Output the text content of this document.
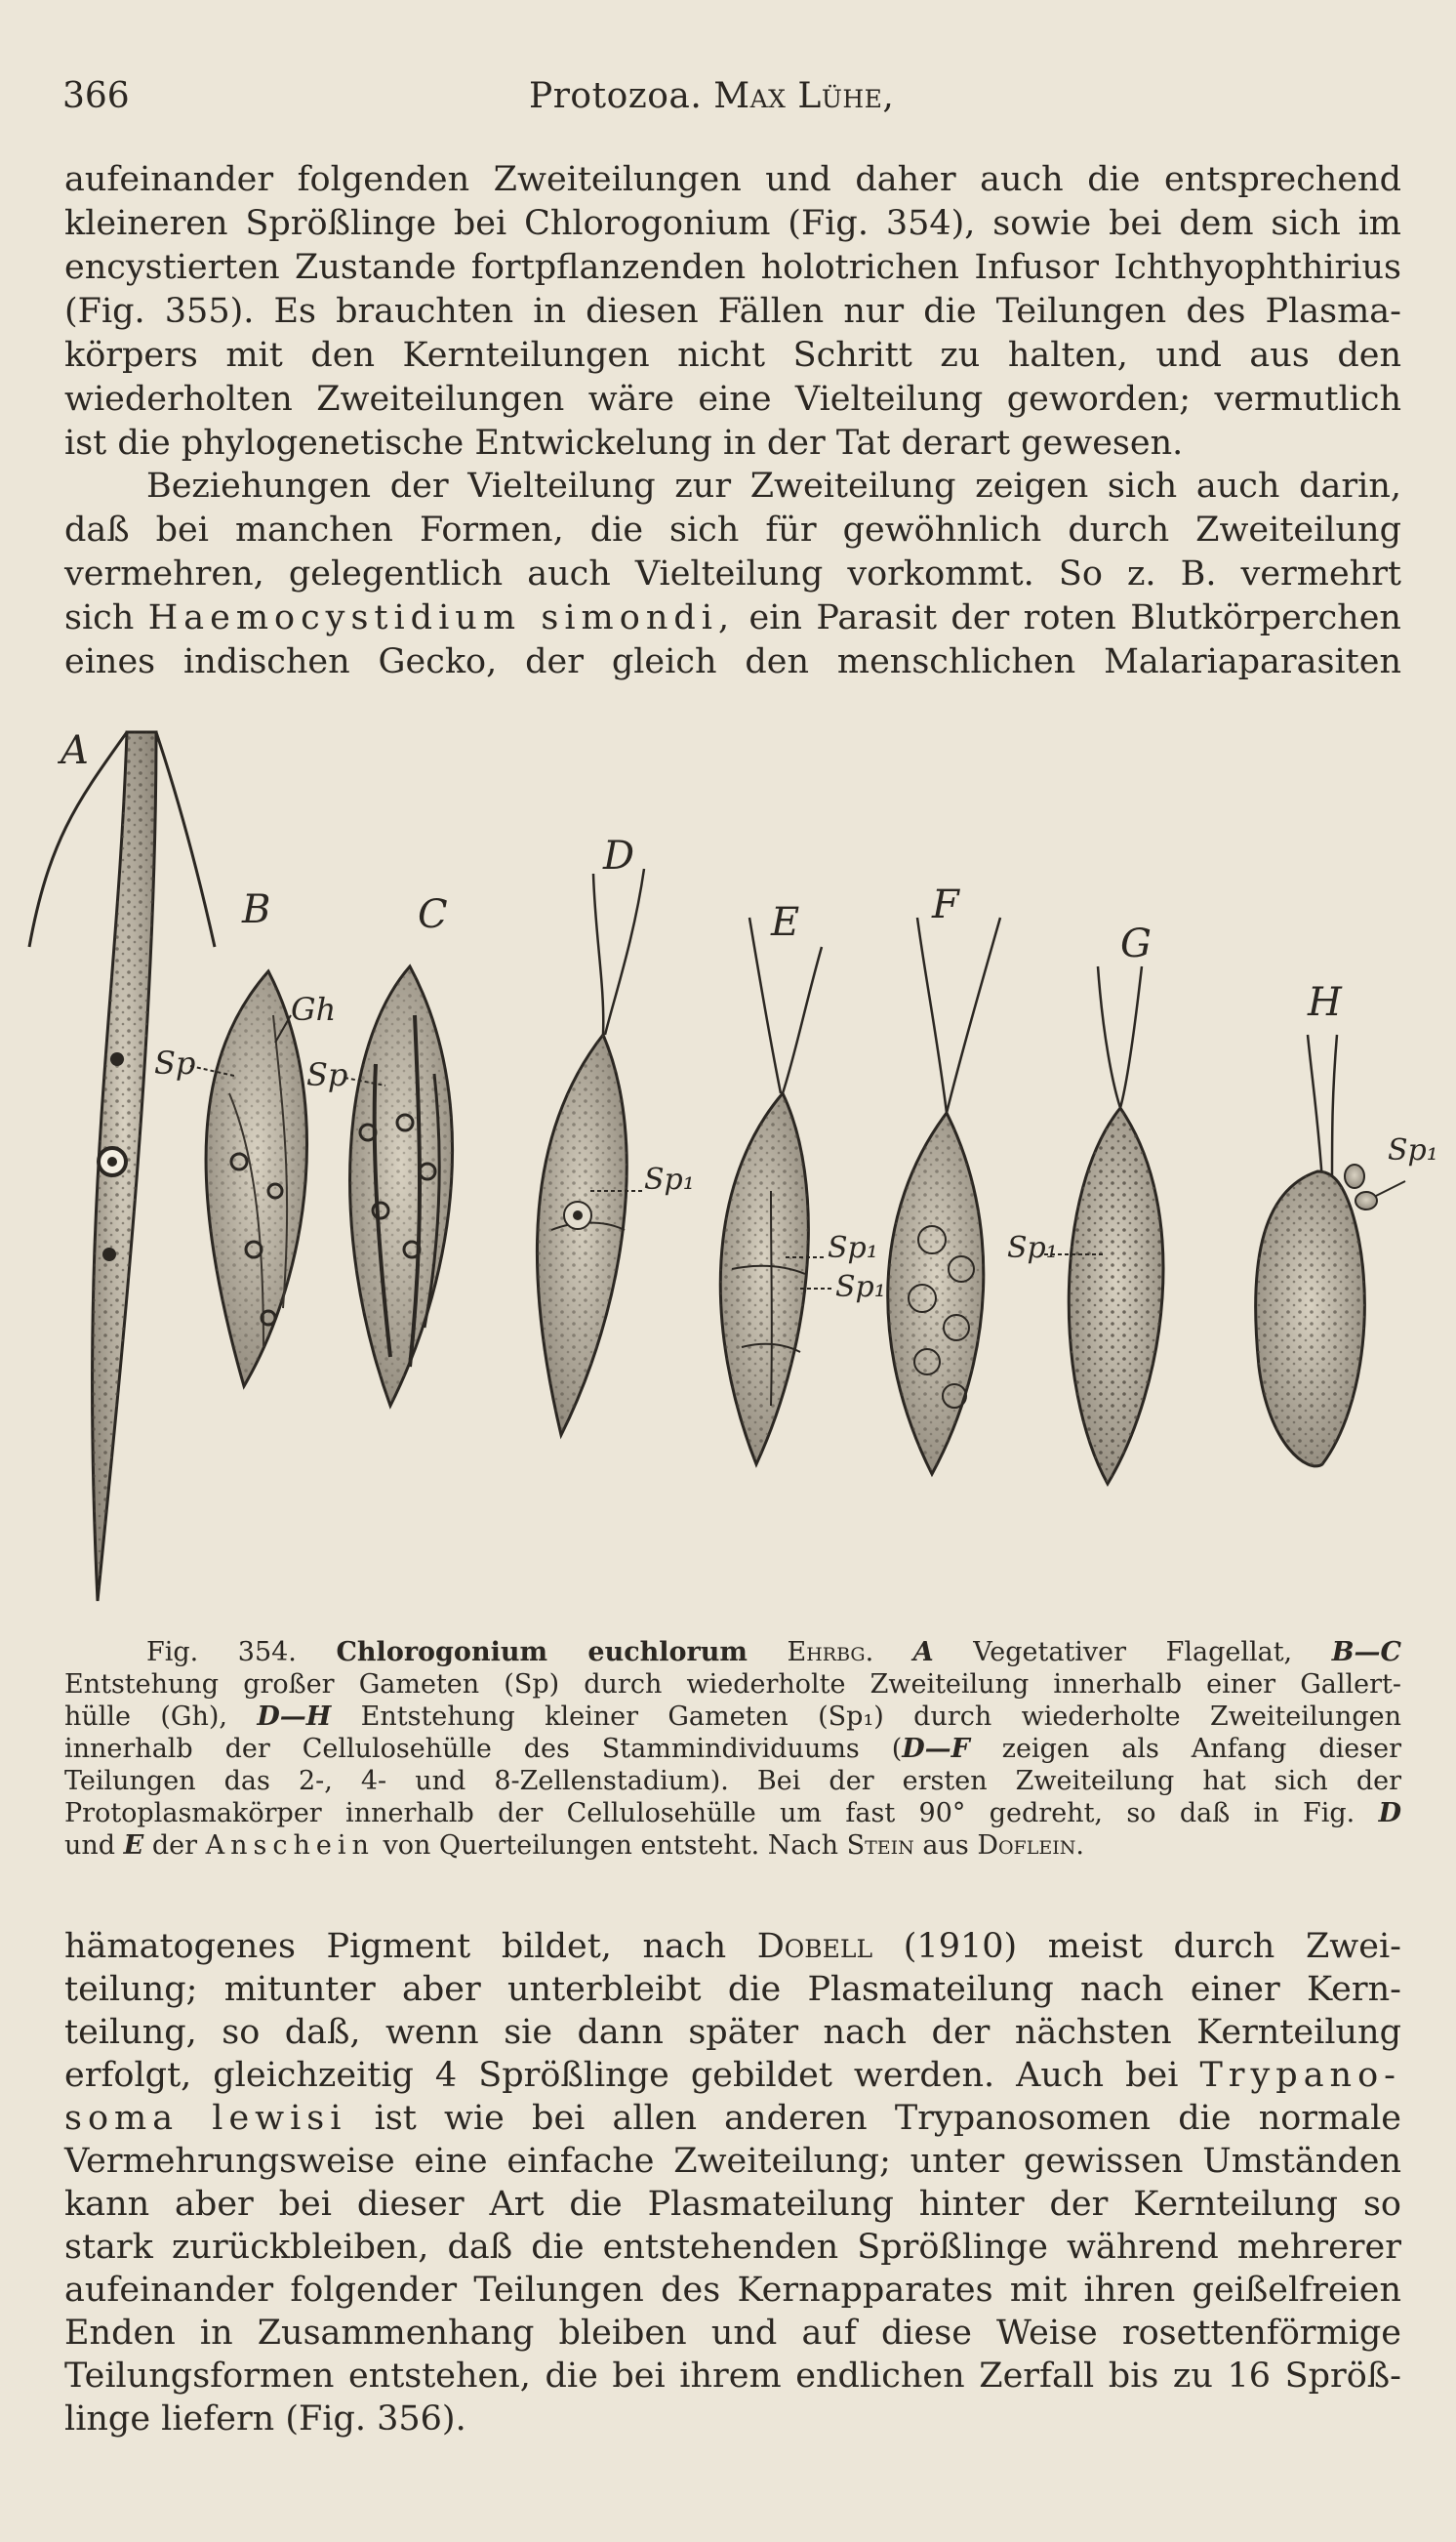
366	Protozoa. Max Lühe,
aufeinander folgenden Zweiteilungen und daher auch die entsprechend
kleineren Sprößlinge bei Chlorogonium (Fig. 354), sowie bei dem sich im
encystierten Zustande fortpflanzenden holotrichen Infusor Ichthyophthirius
(Fig. 355). Es brauchten in diesen Fällen nur die Teilungen des Plasma-
körpers mit den Kernteilungen nicht Schritt zu halten, und aus den
wiederholten Zweiteilungen wäre eine Vielteilung geworden; vermutlich
ist die phylogenetische Entwickelung in der Tat derart gewesen.
Beziehungen der Vielteilung zur Zweiteilung zeigen sich auch darin,
daß bei manchen Formen, die sich für gewöhnlich durch Zweiteilung
vermehren, gelegentlich auch Vielteilung vorkommt. So z. B. vermehrt
sich Haemocystidium simondi, ein Parasit der roten Blutkörperchen
eines indischen Gecko, der gleich den menschlichen Malariaparasiten
A
B
Gh
Sp
C
Sp
D
Sp₁
E
Sp₁
Sp₁
F
G
Sp₁
H
Sp₁
Fig. 354. Chlorogonium euchlorum Ehrbg. A Vegetativer Flagellat, B—C
Entstehung großer Gameten (Sp) durch wiederholte Zweiteilung innerhalb einer Gallert-
hülle (Gh), D—H Entstehung kleiner Gameten (Sp₁) durch wiederholte Zweiteilungen
innerhalb der Cellulosehülle des Stammindividuums (D—F zeigen als Anfang dieser
Teilungen das 2-, 4- und 8-Zellenstadium). Bei der ersten Zweiteilung hat sich der
Protoplasmakörper innerhalb der Cellulosehülle um fast 90° gedreht, so daß in Fig. D
und E der Anschein von Querteilungen entsteht. Nach Stein aus Doflein.
hämatogenes Pigment bildet, nach Dobell (1910) meist durch Zwei-
teilung; mitunter aber unterbleibt die Plasmateilung nach einer Kern-
teilung, so daß, wenn sie dann später nach der nächsten Kernteilung
erfolgt, gleichzeitig 4 Sprößlinge gebildet werden. Auch bei Trypano-
soma lewisi ist wie bei allen anderen Trypanosomen die normale
Vermehrungsweise eine einfache Zweiteilung; unter gewissen Umständen
kann aber bei dieser Art die Plasmateilung hinter der Kernteilung so
stark zurückbleiben, daß die entstehenden Sprößlinge während mehrerer
aufeinander folgender Teilungen des Kernapparates mit ihren geißelfreien
Enden in Zusammenhang bleiben und auf diese Weise rosettenförmige
Teilungsformen entstehen, die bei ihrem endlichen Zerfall bis zu 16 Spröß-
linge liefern (Fig. 356).
